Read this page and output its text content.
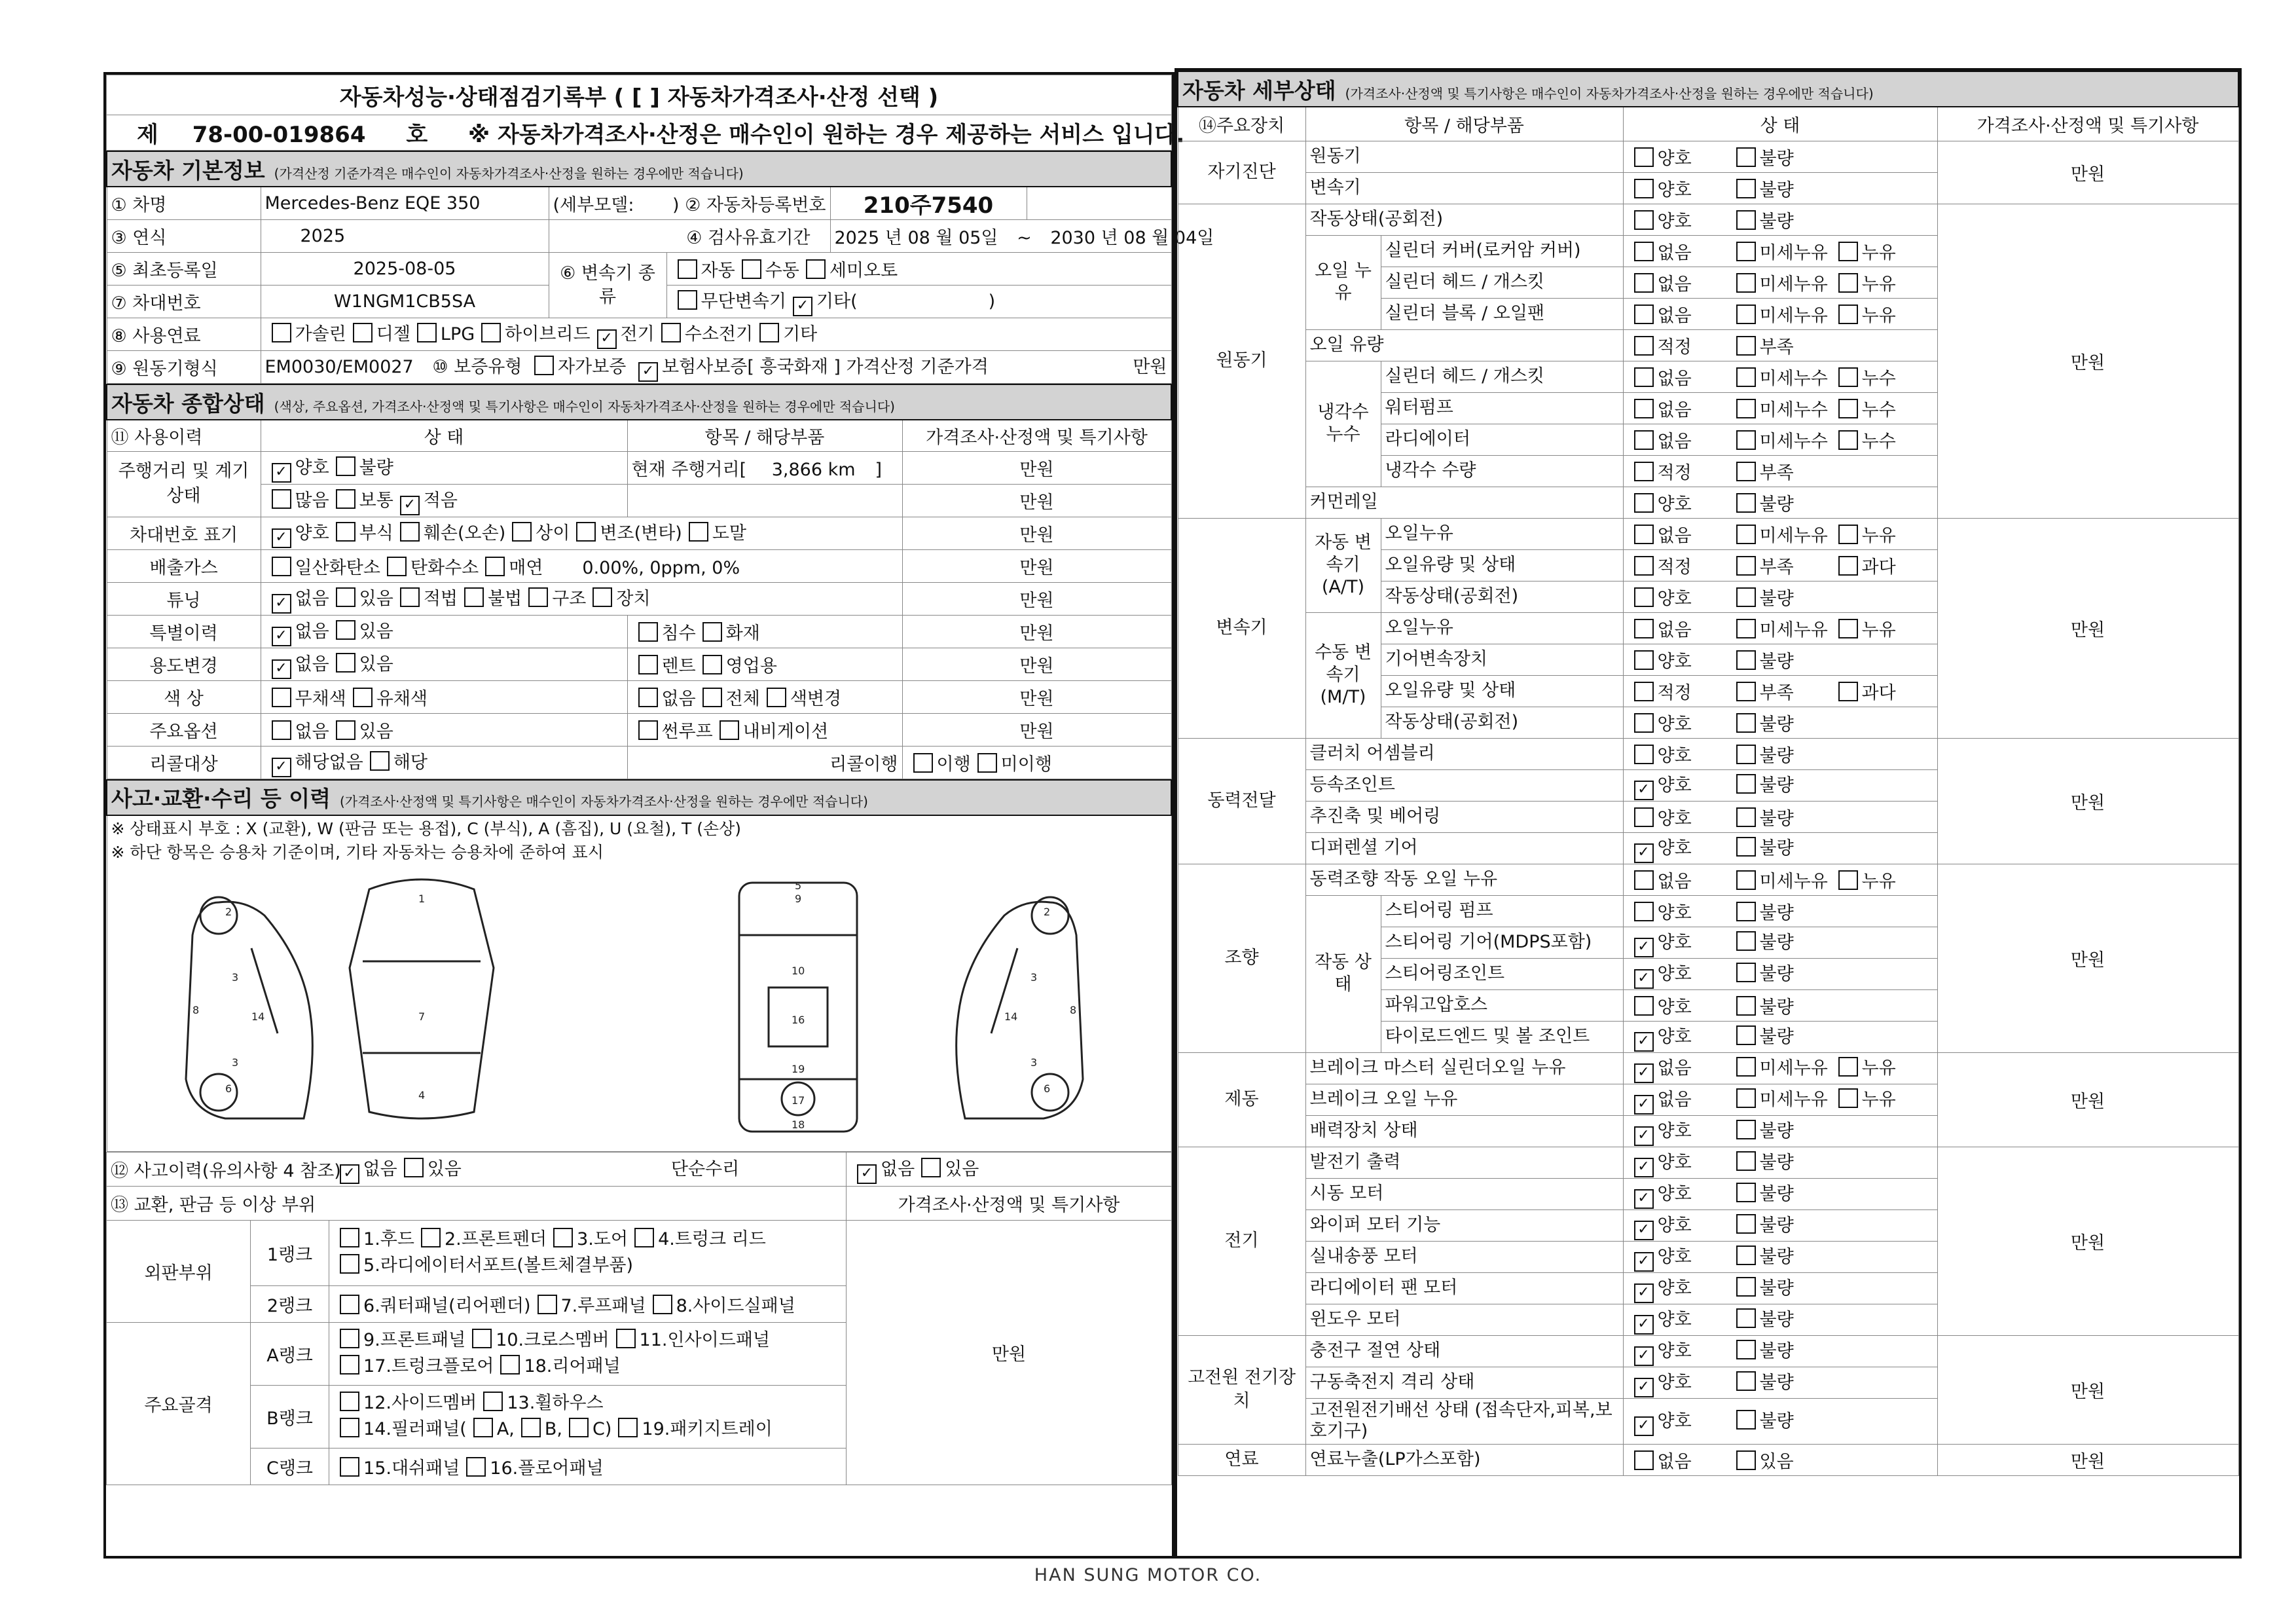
자동차성능·상태점검기록부 ( [ ] 자동차가격조사·산정 선택 )
제 78-00-019864 호 ※ 자동차가격조사·산정은 매수인이 원하는 경우 제공하는 서비스 입니다.
자동차 기본정보 (가격산정 기준가격은 매수인이 자동차가격조사·산정을 원하는 경우에만 적습니다)					
① 차명	Mercedes-Benz EQE 350	(세부모델: ) ② 자동차등록번호		210주7540	
③ 연식	2025	④ 검사유효기간		2025 년 08 월 05일 ~ 2030 년 08 월 04일	
⑤ 최초등록일	2025-08-05	⑥ 변속기 종류	자동 수동 세미오토		
⑦ 차대번호	W1NGM1CB5SA		무단변속기 ✓ 기타( )		
⑧ 사용연료	가솔린 디젤 LPG 하이브리드 ✓ 전기 수소전기 기타				
⑨ 원동기형식	EM0030/EM0027 ⑩ 보증유형 자가보증 ✓ 보험사보증[ 흥국화재 ] 가격산정 기준가격 만원				
자동차 종합상태 (색상, 주요옵션, 가격조사·산정액 및 특기사항은 매수인이 자동차가격조사·산정을 원하는 경우에만 적습니다)			
⑪ 사용이력	상 태	항목 / 해당부품	가격조사·산정액 및 특기사항
주행거리 및 계기상태	✓ 양호 불량	현재 주행거리[ 3,866 km ]	만원
	많음 보통 ✓ 적음		만원
차대번호 표기	✓ 양호 부식 훼손(오손) 상이 변조(변타) 도말		만원
배출가스	일산화탄소 탄화수소 매연 0.00%, 0ppm, 0%		만원
튜닝	✓ 없음 있음 적법 불법 구조 장치		만원
특별이력	✓ 없음 있음	침수 화재	만원
용도변경	✓ 없음 있음	렌트 영업용	만원
색 상	무채색 유채색	없음 전체 색변경	만원
주요옵션	없음 있음	썬루프 내비게이션	만원
리콜대상	✓ 해당없음 해당	리콜이행	이행 미이행
사고·교환·수리 등 이력 (가격조사·산정액 및 특기사항은 매수인이 자동차가격조사·산정을 원하는 경우에만 적습니다)
※ 상태표시 부호 : X (교환), W (판금 또는 용접), C (부식), A (흠집), U (요철), T (손상)
※ 하단 항목은 승용차 기준이며, 기타 자동차는 승용차에 준하여 표시

2
3
3
8
14
6
1
7
4
5
9
10
16
19
17
18
2
3
3
8
14
6
⑫ 사고이력(유의사항 4 참조)		✓ 없음 있음 단순수리	✓ 없음 있음
⑬ 교환, 판금 등 이상 부위			가격조사·산정액 및 특기사항
외판부위	1랭크	1.후드 2.프론트펜더 3.도어 4.트렁크 리드
5.라디에이터서포트(볼트체결부품)	만원
	2랭크	6.쿼터패널(리어펜더) 7.루프패널 8.사이드실패널	
주요골격	A랭크	9.프론트패널 10.크로스멤버 11.인사이드패널
17.트렁크플로어 18.리어패널	

	B랭크	12.사이드멤버 13.휠하우스
14.필러패널( A, B, C) 19.패키지트레이	

	C랭크	15.대쉬패널 16.플로어패널	
자동차 세부상태 (가격조사·산정액 및 특기사항은 매수인이 자동차가격조사·산정을 원하는 경우에만 적습니다)				
⑭주요장치	항목 / 해당부품		상 태	가격조사·산정액 및 특기사항
자기진단	원동기		양호 불량	만원
	변속기		양호 불량	
원동기	작동상태(공회전)		양호 불량	만원
	오일 누유	실린더 커버(로커암 커버)	없음 미세누유 누유	
		실린더 헤드 / 개스킷	없음 미세누유 누유	
		실린더 블록 / 오일팬	없음 미세누유 누유	
	오일 유량		적정 부족	
	냉각수 누수	실린더 헤드 / 개스킷	없음 미세누수 누수	
		워터펌프	없음 미세누수 누수	
		라디에이터	없음 미세누수 누수	
		냉각수 수량	적정 부족	
	커먼레일		양호 불량	
변속기	자동 변속기 (A/T)	오일누유	없음 미세누유 누유	만원
		오일유량 및 상태	적정 부족 과다	
		작동상태(공회전)	양호 불량	
	수동 변속기 (M/T)	오일누유	없음 미세누유 누유	
		기어변속장치	양호 불량	
		오일유량 및 상태	적정 부족 과다	
		작동상태(공회전)	양호 불량	
동력전달	클러치 어셈블리		양호 불량	만원
	등속조인트		✓ 양호 불량	
	추진축 및 베어링		양호 불량	
	디퍼렌셜 기어		✓ 양호 불량	
조향	동력조향 작동 오일 누유		없음 미세누유 누유	만원
	작동 상태	스티어링 펌프	양호 불량	
		스티어링 기어(MDPS포함)	✓ 양호 불량	
		스티어링조인트	✓ 양호 불량	
		파워고압호스	양호 불량	
		타이로드엔드 및 볼 조인트	✓ 양호 불량	
제동	브레이크 마스터 실린더오일 누유		✓ 없음 미세누유 누유	만원
	브레이크 오일 누유		✓ 없음 미세누유 누유	
	배력장치 상태		✓ 양호 불량	
전기	발전기 출력		✓ 양호 불량	만원
	시동 모터		✓ 양호 불량	
	와이퍼 모터 기능		✓ 양호 불량	
	실내송풍 모터		✓ 양호 불량	
	라디에이터 팬 모터		✓ 양호 불량	
	윈도우 모터		✓ 양호 불량	
고전원 전기장치	충전구 절연 상태		✓ 양호 불량	만원
	구동축전지 격리 상태		✓ 양호 불량	
	고전원전기배선 상태 (접속단자,피복,보호기구)		✓ 양호 불량	
연료	연료누출(LP가스포함)		없음 있음	만원
HAN SUNG MOTOR CO.
